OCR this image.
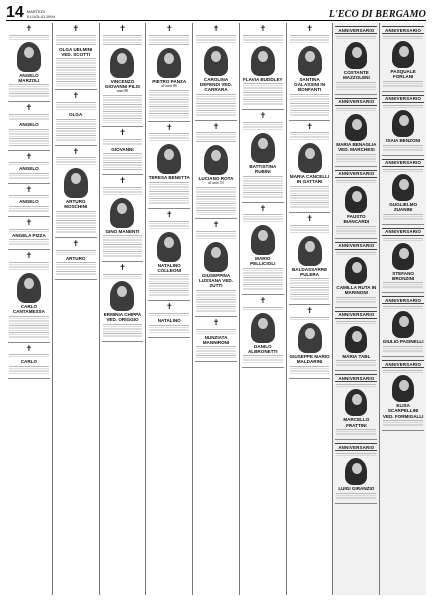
14 MARTEDÌ
5 LUGLIO 1994	L'ECO DI BERGAMO
✝
ANGELO MARZOLI
✝
ANGELO
✝
ANGELO
✝
ANGELO
✝
ANGELA PIZZA
✝
CARLO CANTAMESSA
✝
CARLO
✝
OLGA UELMINI VED. SCOTTI
✝
OLGA
✝
ARTURO MOSCHINI
✝
ARTURO
✝
VINCENZO GIOVANNI PILIS
anni 86
✝
GIOVANNI
✝
GINO MANENTI
✝
ERMINIA CHIPPA VED. ORIGGIO
✝
PIETRO PANZA
di anni 86
✝
TERESA BENETTA
✝
NATALINO COLLEONI
✝
NATALINO
✝
CAROLINA DEFENDI VED. CARRARA
✝
LUCIANO ROTA
di anni 53
✝
GIUSEPPINA LUSSANA VED. ZUTTI
✝
NUNZIATA MANNIRONI
✝
FLAVIA BUDDLEY
✝
BATTISTINA RUBINI
✝
MARIO PELLICIOLI
✝
DANILO ALBRONETTI
✝
SANTINA GALASSINI IN BONFANTI
✝
MARIA CANCELLI IN GATTARI
✝
BALDASSARRE PULERA
✝
GIUSEPPE MARIO MALDARINI
ANNIVERSARIO
COSTANTE MAZZOLENI
ANNIVERSARIO
MARIA BENAGLIA VED. MARCHESI
ANNIVERSARIO
FAUSTO BIANCARDI
ANNIVERSARIO
CAMILLA RUTA IN MARINONI
ANNIVERSARIO
MARIA TABL
ANNIVERSARIO
MARCELLO FRATTINI
ANNIVERSARIO
LUIGI GIRANZIO
ANNIVERSARIO
PASQUALE FORLANI
ANNIVERSARIO
ISAIA BENZONI
ANNIVERSARIO
GUGLIELMO ZUANINI
ANNIVERSARIO
STEFANO BRONZINI
ANNIVERSARIO
GIULIO PASINELLI
ANNIVERSARIO
ELISA SCARPELLINI VED. FORMIGALLI
